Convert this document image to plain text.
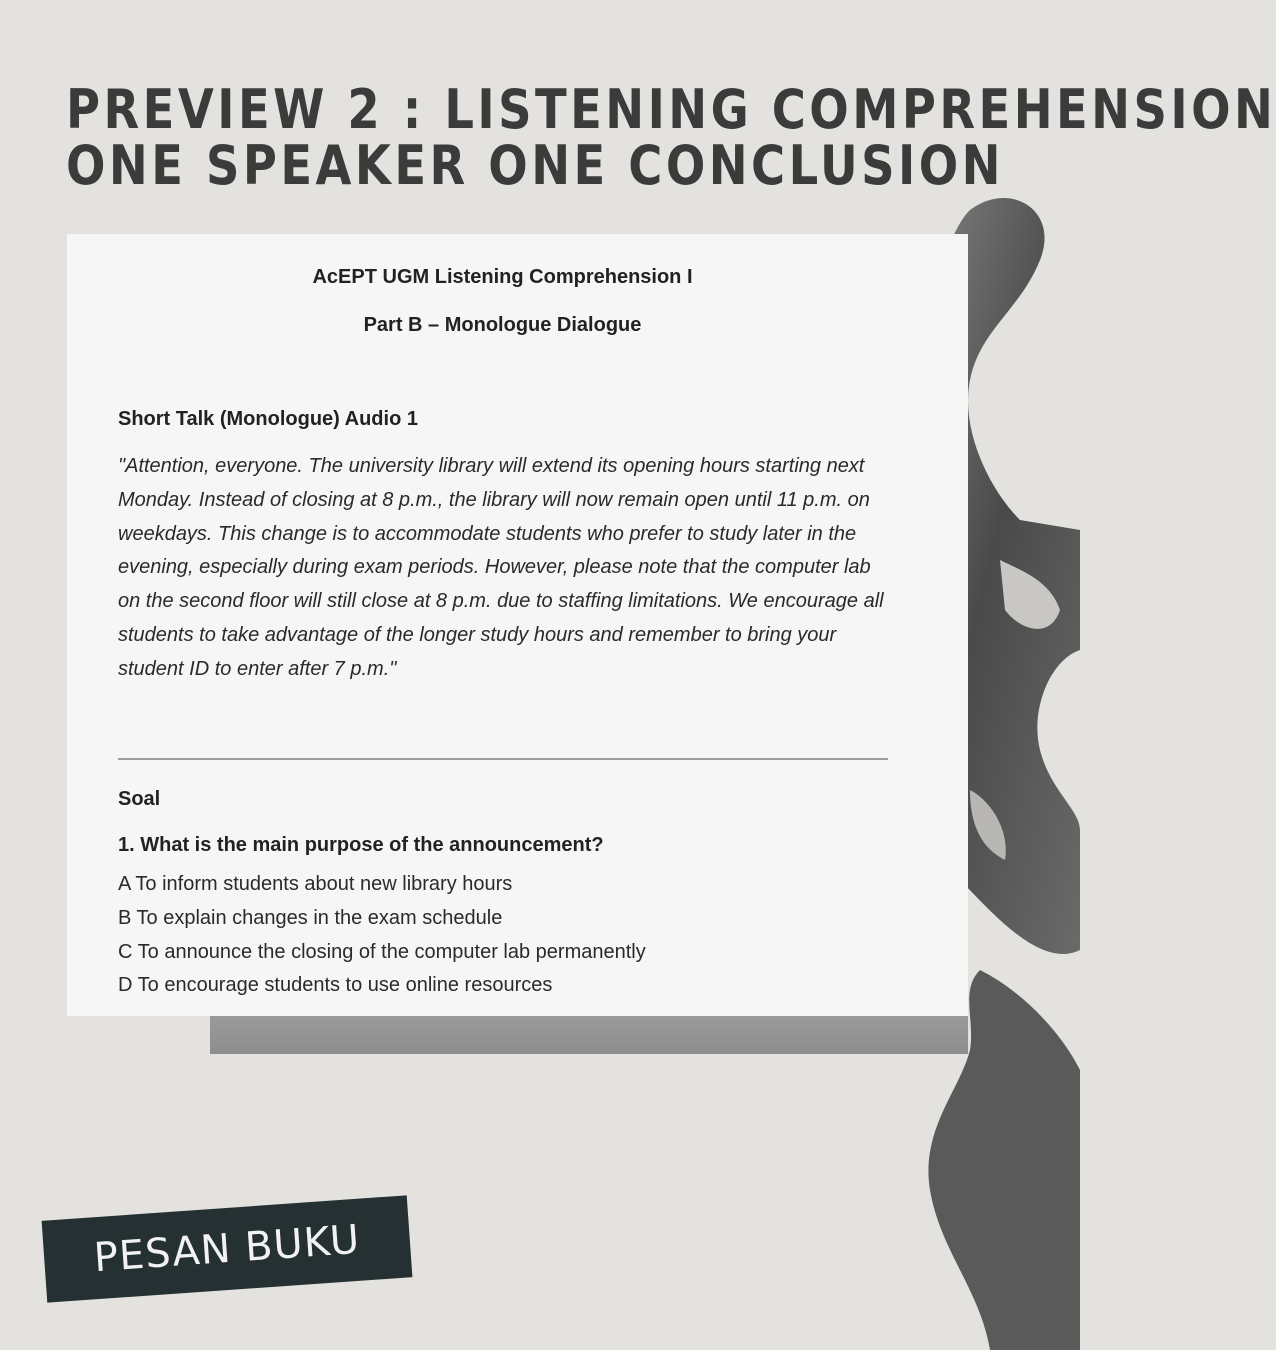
PREVIEW 2 : LISTENING COMPREHENSION
ONE SPEAKER ONE CONCLUSION

AcEPT UGM Listening Comprehension I

Part B – Monologue Dialogue

Short Talk (Monologue) Audio 1

"Attention, everyone. The university library will extend its opening hours starting next Monday. Instead of closing at 8 p.m., the library will now remain open until 11 p.m. on weekdays. This change is to accommodate students who prefer to study later in the evening, especially during exam periods. However, please note that the computer lab on the second floor will still close at 8 p.m. due to staffing limitations. We encourage all students to take advantage of the longer study hours and remember to bring your student ID to enter after 7 p.m."

Soal

1. What is the main purpose of the announcement?

A To inform students about new library hours
B To explain changes in the exam schedule
C To announce the closing of the computer lab permanently
D To encourage students to use online resources
PESAN BUKU
